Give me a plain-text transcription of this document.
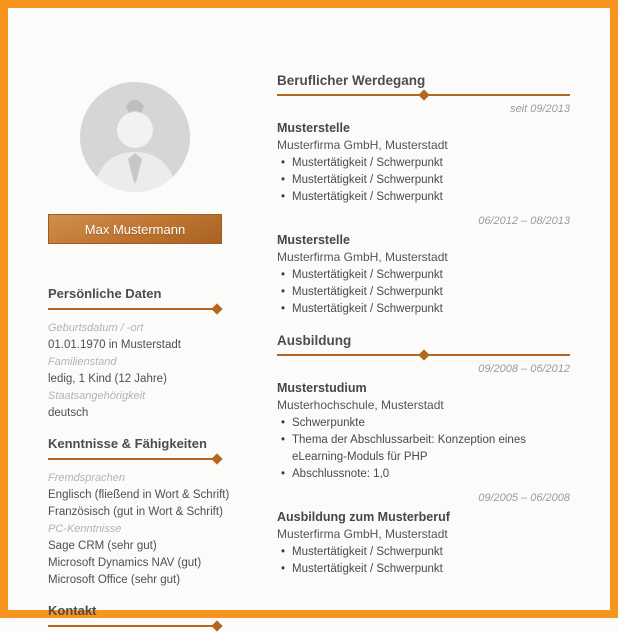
Max Mustermann
Persönliche Daten
Geburtsdatum / -ort
01.01.1970 in Musterstadt
Familienstand
ledig, 1 Kind (12 Jahre)
Staatsangehörigkeit
deutsch
Kenntnisse & Fähigkeiten
Fremdsprachen
Englisch (fließend in Wort & Schrift)
Französisch (gut in Wort & Schrift)
PC-Kenntnisse
Sage CRM (sehr gut)
Microsoft Dynamics NAV (gut)
Microsoft Office (sehr gut)
Kontakt
Beruflicher Werdegang
seit 09/2013
Musterstelle
Musterfirma GmbH, Musterstadt
• Mustertätigkeit / Schwerpunkt
• Mustertätigkeit / Schwerpunkt
• Mustertätigkeit / Schwerpunkt
06/2012 – 08/2013
Musterstelle
Musterfirma GmbH, Musterstadt
• Mustertätigkeit / Schwerpunkt
• Mustertätigkeit / Schwerpunkt
• Mustertätigkeit / Schwerpunkt
Ausbildung
09/2008 – 06/2012
Musterstudium
Musterhochschule, Musterstadt
• Schwerpunkte
• Thema der Abschlussarbeit: Konzeption eines eLearning-Moduls für PHP
• Abschlussnote: 1,0
09/2005 – 06/2008
Ausbildung zum Musterberuf
Musterfirma GmbH, Musterstadt
• Mustertätigkeit / Schwerpunkt
• Mustertätigkeit / Schwerpunkt
